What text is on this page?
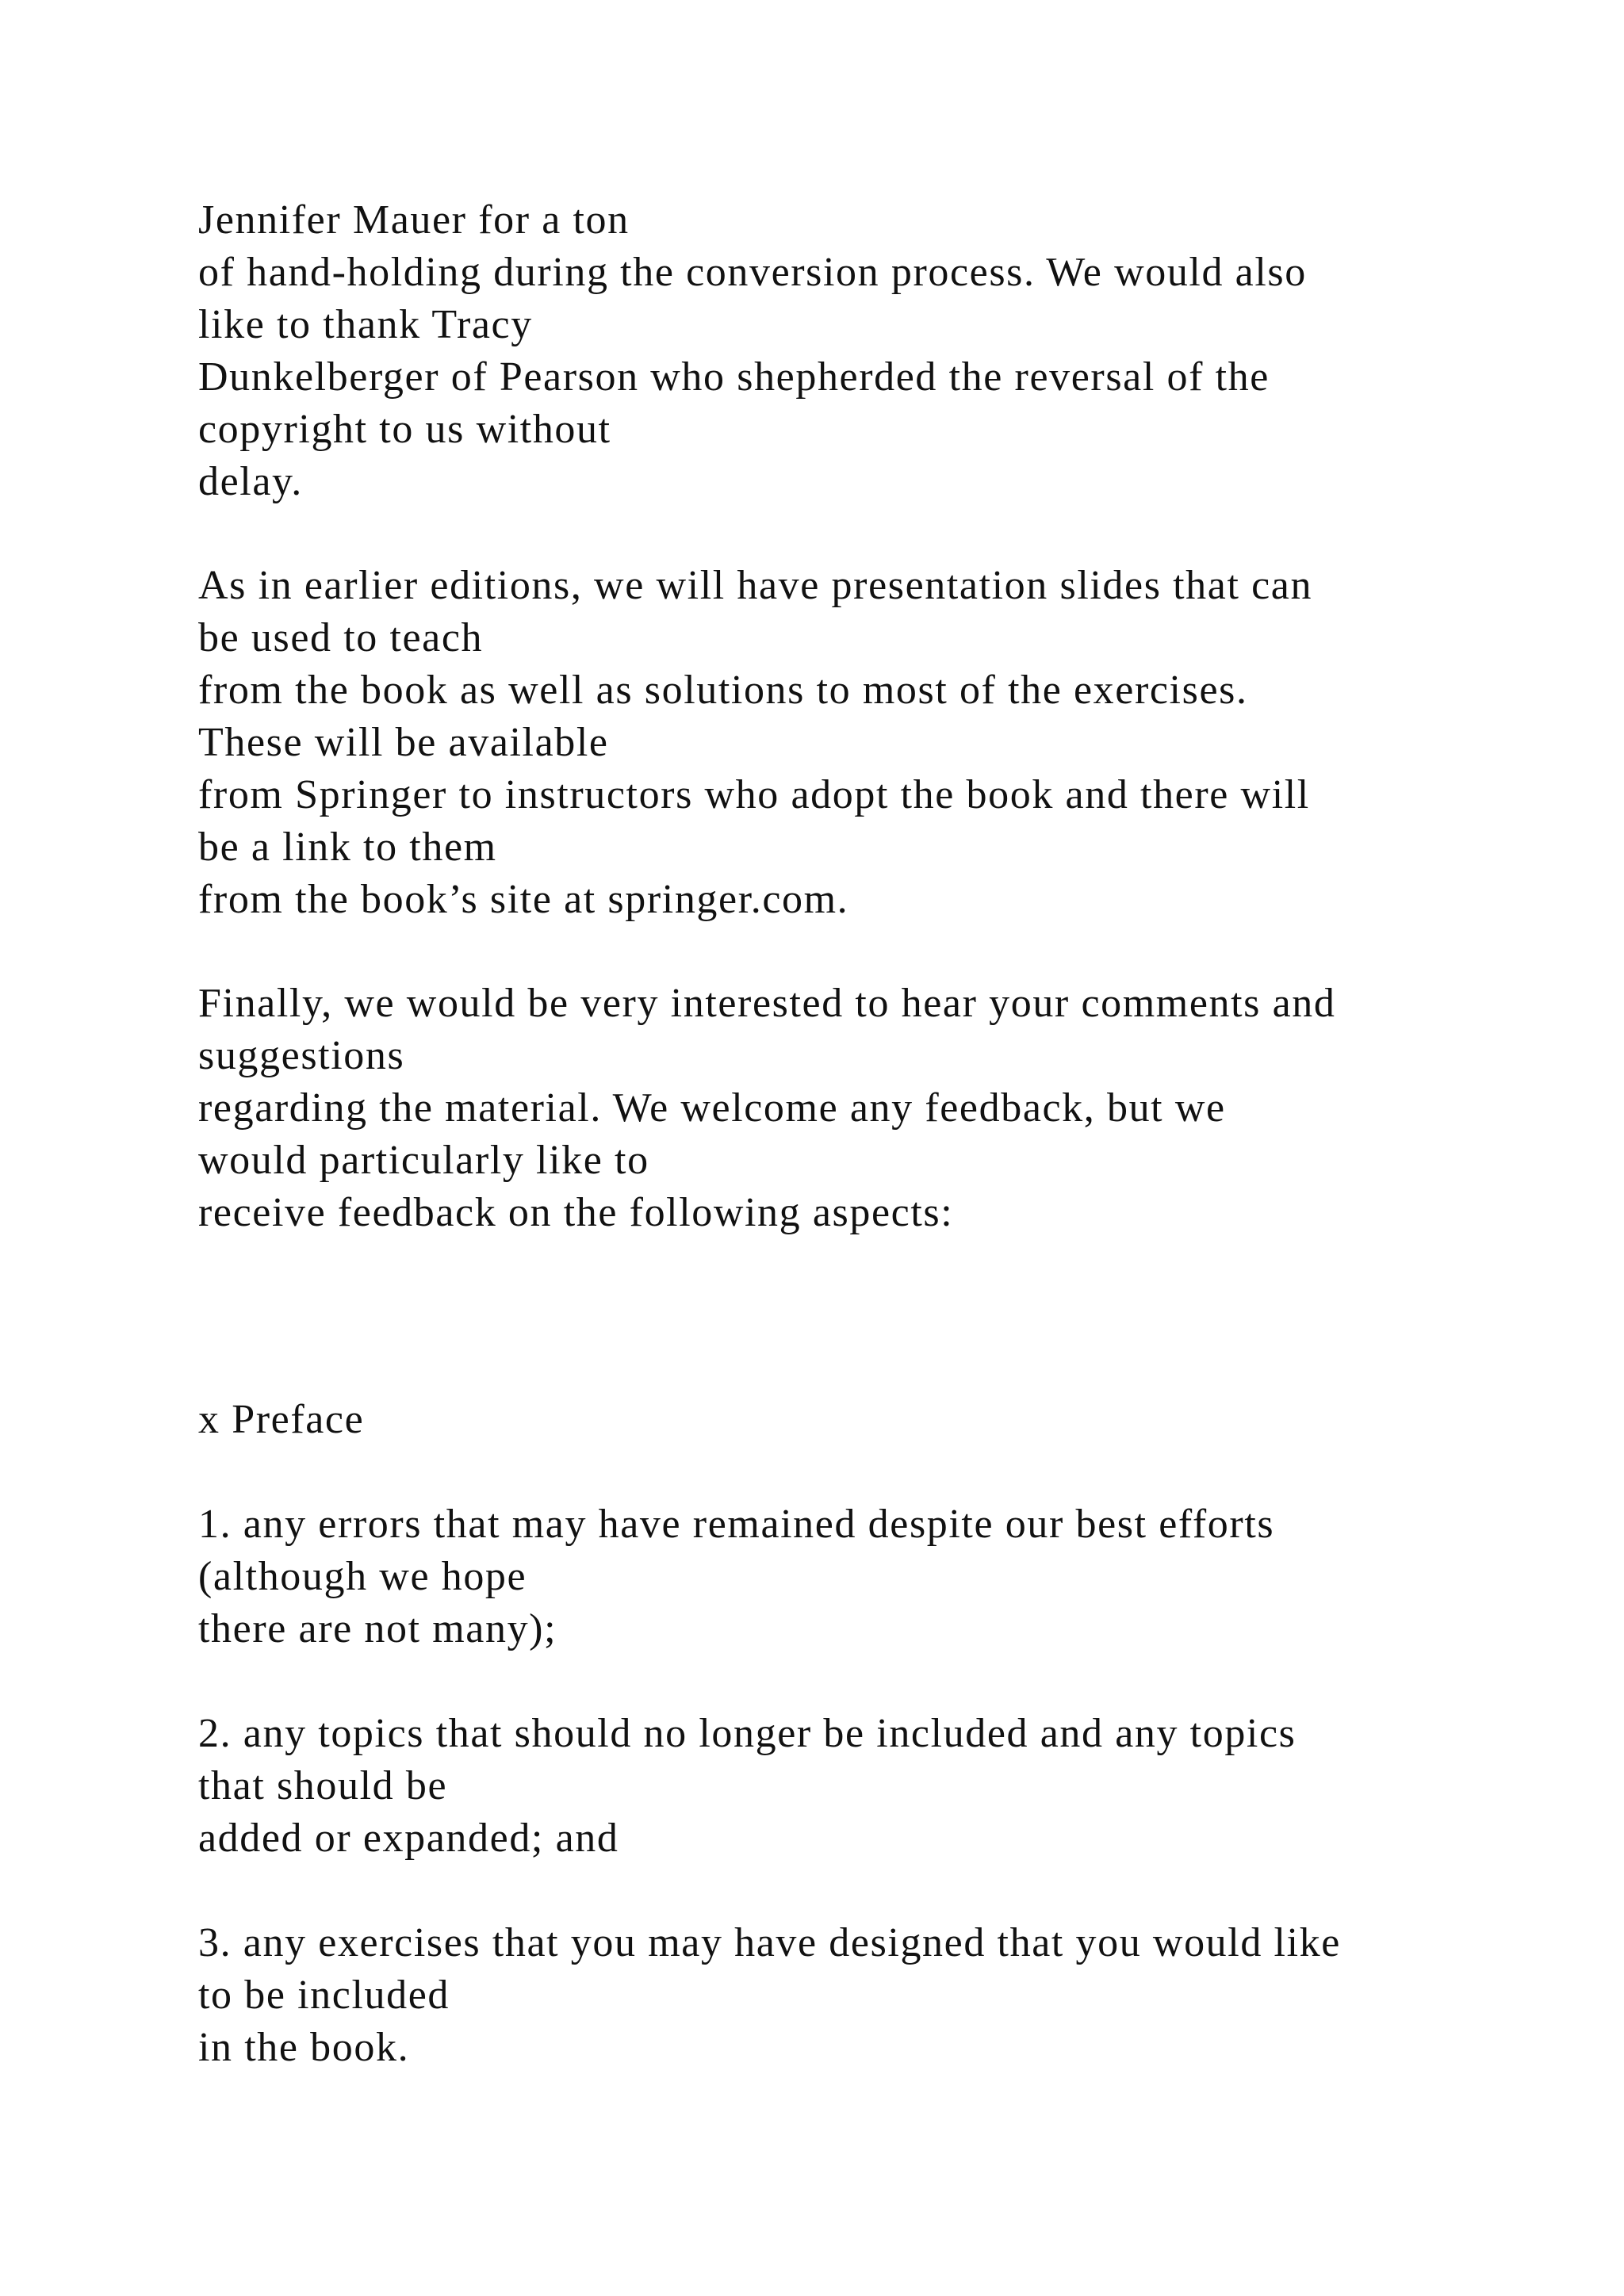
Jennifer Mauer for a ton
of hand-holding during the conversion process. We would also
like to thank Tracy
Dunkelberger of Pearson who shepherded the reversal of the
copyright to us without
delay.
As in earlier editions, we will have presentation slides that can
be used to teach
from the book as well as solutions to most of the exercises.
These will be available
from Springer to instructors who adopt the book and there will
be a link to them
from the book’s site at springer.com.
Finally, we would be very interested to hear your comments and
suggestions
regarding the material. We welcome any feedback, but we
would particularly like to
receive feedback on the following aspects:
x Preface
1. any errors that may have remained despite our best efforts
(although we hope
there are not many);
2. any topics that should no longer be included and any topics
that should be
added or expanded; and
3. any exercises that you may have designed that you would like
to be included
in the book.
